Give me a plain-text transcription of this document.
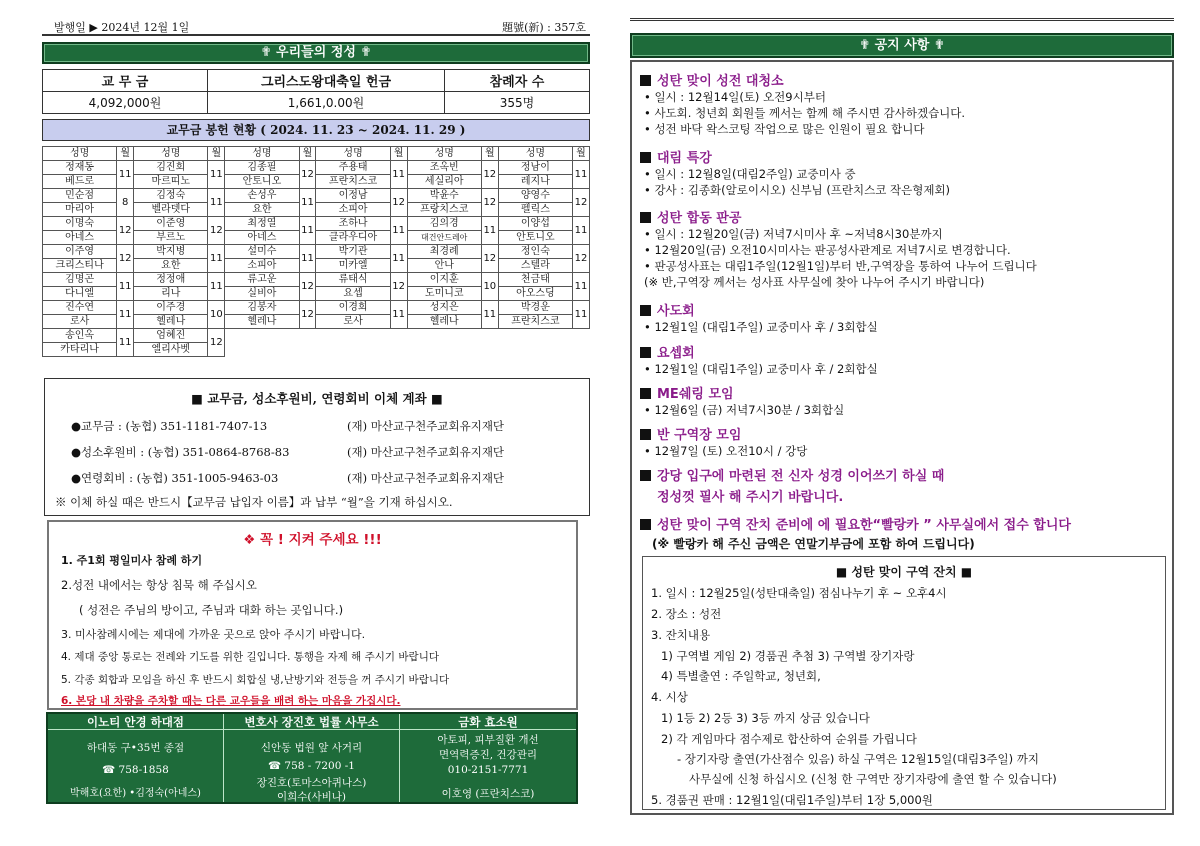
발행일 ▶ 2024년 12월 1일	題號(新) : 357호
✟ 우리들의 정성 ✟
교 무 금	그리스도왕대축일 헌금	참례자 수
4,092,000원	1,661,0.00원	355명
교무금 봉헌 현황 ( 2024. 11. 23 ~ 2024. 11. 29 )
성명	월	성명	월	성명	월	성명	월	성명	월	성명	월
정재동	11	김진희	11	김종필	12	주용태	11	조옥빈	12	정남이	11
베드로		마르띠노		안토니오		프란치스코		세실리아		레지나	
민순점	8	김정숙	11	손성우	11	이정남	12	박윤수	12	양영수	12
마리아		벨라뎃다		요한		소피아		프랑치스코		펠릭스	
이명숙	12	이준영	12	최정열	11	조하나	11	김의경	11	이양섭	11
아네스		부르노		아네스		클라우디아		대건안드레아		안토니오	
이주영	12	박지병	11	설미수	11	박기관	11	최경례	12	정인숙	12
크리스티나		요한		소피아		미카엘		안나		스텔라	
김명곤	11	정정애	11	류고운	12	류태식	12	이지훈	10	천금태	11
다니엘		리나		실비아		요셉		도미니코		아오스딩	
진수연	11	이주경	10	김봉자	12	이경희	11	성지은	11	박경운	11
로사		헬레나		헬레나		로사		헬레나		프란치스코	
송인옥	11	엄혜진	12								
카타리나		엘리사벳									
■ 교무금, 성소후원비, 연령회비 이체 계좌 ■
●교무금 : (농협) 351-1181-7407-13	(재) 마산교구천주교회유지재단
●성소후원비 : (농협) 351-0864-8768-83	(재) 마산교구천주교회유지재단
●연령회비 : (농협) 351-1005-9463-03	(재) 마산교구천주교회유지재단
※ 이체 하실 때은 반드시【교무금 납입자 이름】과 납부 “월”을 기재 하십시오.
❖ 꼭 ! 지켜 주세요 !!!
1. 주1회 평일미사 참례 하기
2.성전 내에서는 항상 침묵 해 주십시오
( 성전은 주님의 방이고, 주님과 대화 하는 곳입니다.)
3. 미사참례시에는 제대에 가까운 곳으로 앉아 주시기 바랍니다.
4. 제대 중앙 통로는 전례와 기도를 위한 길입니다. 통행을 자제 해 주시기 바랍니다
5. 각종 회합과 모임을 하신 후 반드시 회합실 냉,난방기와 전등을 꺼 주시기 바랍니다
6. 본당 내 차량을 주차할 때는 다른 교우들을 배려 하는 마음을 가집시다.
이노티 안경 하대점
하대동 구•35번 종점
☎ 758-1858
박해호(요한) •김정숙(아네스)
변호사 장진호 법률 사무소
신안동 법원 앞 사거리
☎ 758 - 7200 -1
장진호(토마스아퀴나스)
이희수(사비나)
금화 효소원
아토피, 피부질환 개선
면역력증진, 건강관리
010-2151-7771
이호영 (프란치스코)
✟ 공지 사항 ✟
성탄 맞이 성전 대청소
• 일시 : 12월14일(토) 오전9시부터
• 사도회. 청년회 회원들 께서는 함께 해 주시면 감사하겠습니다.
• 성전 바닥 왁스코팅 작업으로 많은 인원이 필요 합니다
대림 특강
• 일시 : 12월8일(대림2주일) 교중미사 중
• 강사 : 김종화(알로이시오) 신부님 (프란치스코 작은형제회)
성탄 합동 판공
• 일시 : 12월20일(금) 저녁7시미사 후 ~저녁8시30분까지
• 12월20일(금) 오전10시미사는 판공성사관계로 저녁7시로 변경합니다.
• 판공성사표는 대림1주일(12월1일)부터 반,구역장을 통하여 나누어 드립니다
(※ 반,구역장 께서는 성사표 사무실에 찾아 나누어 주시기 바랍니다)
사도회
• 12월1일 (대림1주일) 교중미사 후 / 3회합실
요셉회
• 12월1일 (대림1주일) 교중미사 후 / 2회합실
ME쉐링 모임
• 12월6일 (금) 저녁7시30분 / 3회합실
반 구역장 모임
• 12월7일 (토) 오전10시 / 강당
강당 입구에 마련된 전 신자 성경 이어쓰기 하실 때
정성껏 필사 해 주시기 바랍니다.
성탄 맞이 구역 잔치 준비에 에 필요한“빨랑카 ” 사무실에서 접수 합니다
(※ 빨랑카 해 주신 금액은 연말기부금에 포함 하여 드립니다)
■ 성탄 맞이 구역 잔치 ■
1. 일시 : 12월25일(성탄대축일) 점심나누기 후 ~ 오후4시
2. 장소 : 성전
3. 잔치내용
1) 구역별 게임 2) 경품권 추첨 3) 구역별 장기자랑
4) 특별출연 : 주일학교, 청년회,
4. 시상
1) 1등 2) 2등 3) 3등 까지 상금 있습니다
2) 각 게임마다 점수제로 합산하여 순위를 가립니다
- 장기자랑 출연(가산점수 있음) 하실 구역은 12월15일(대림3주일) 까지
사무실에 신청 하십시오 (신청 한 구역만 장기자랑에 출연 할 수 있습니다)
5. 경품권 판매 : 12월1일(대림1주일)부터 1장 5,000원
